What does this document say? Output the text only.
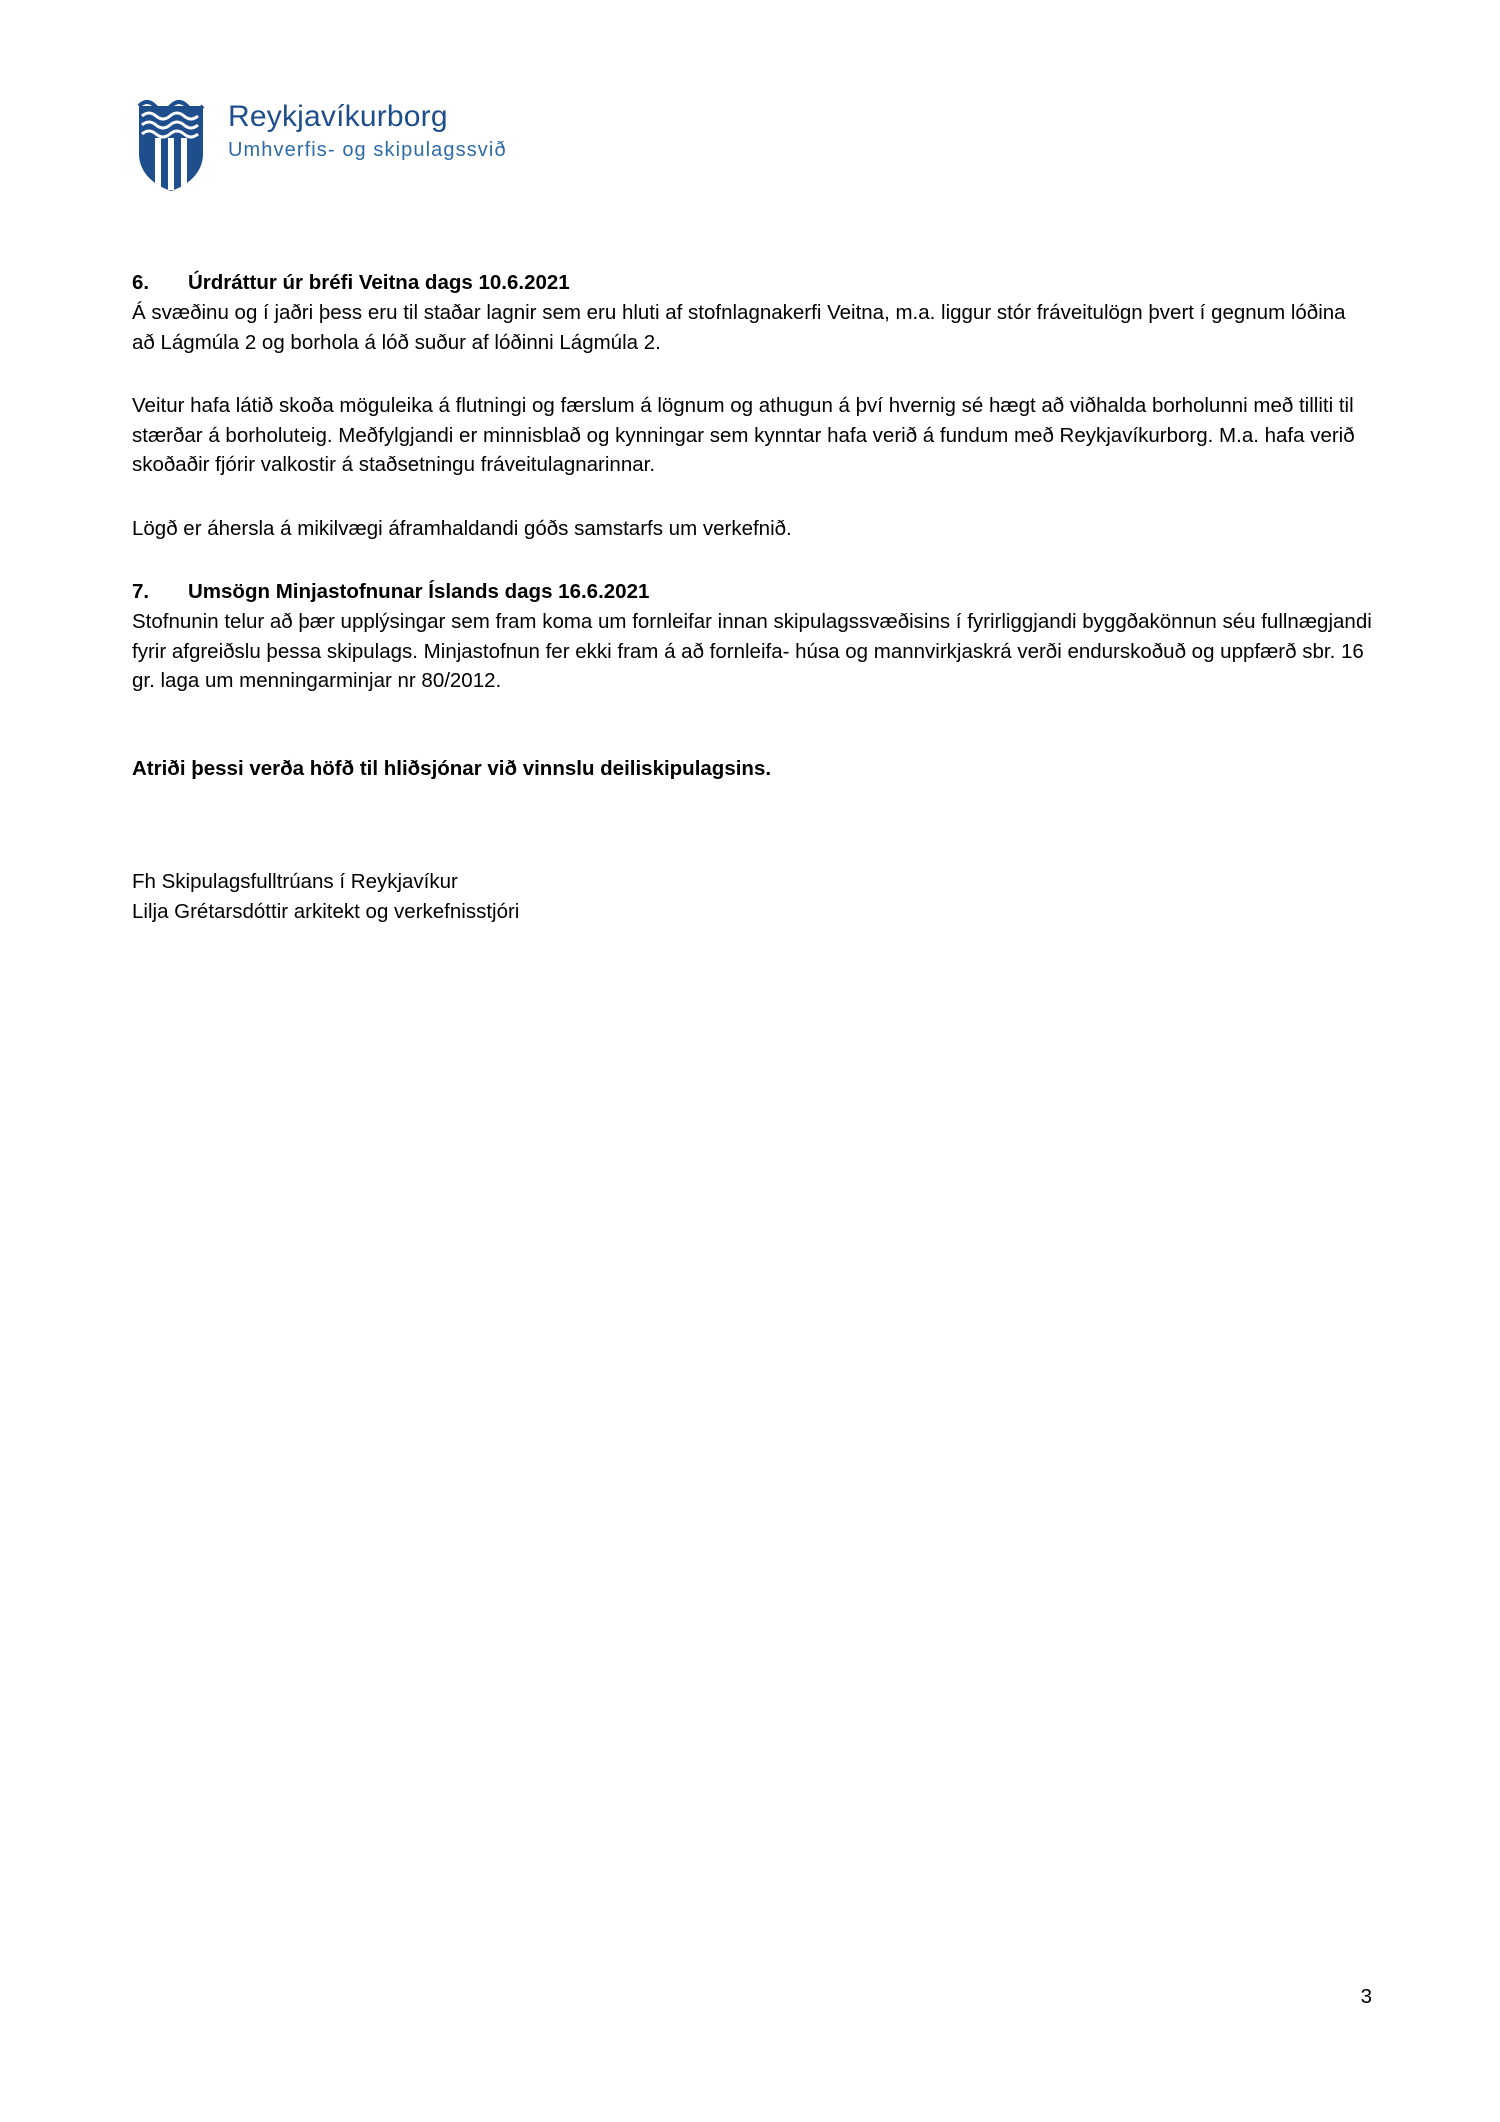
Reykjavíkurborg
Umhverfis- og skipulagssvið
6. Úrdráttur úr bréfi Veitna dags 10.6.2021

Á svæðinu og í jaðri þess eru til staðar lagnir sem eru hluti af stofnlagnakerfi Veitna, m.a. liggur stór fráveitulögn þvert í gegnum lóðina að Lágmúla 2 og borhola á lóð suður af lóðinni Lágmúla 2.

Veitur hafa látið skoða möguleika á flutningi og færslum á lögnum og athugun á því hvernig sé hægt að viðhalda borholunni með tilliti til stærðar á borholuteig. Meðfylgjandi er minnisblað og kynningar sem kynntar hafa verið á fundum með Reykjavíkurborg. M.a. hafa verið skoðaðir fjórir valkostir á staðsetningu fráveitulagnarinnar.

Lögð er áhersla á mikilvægi áframhaldandi góðs samstarfs um verkefnið.

7. Umsögn Minjastofnunar Íslands dags 16.6.2021

Stofnunin telur að þær upplýsingar sem fram koma um fornleifar innan skipulagssvæðisins í fyrirliggjandi byggðakönnun séu fullnægjandi fyrir afgreiðslu þessa skipulags. Minjastofnun fer ekki fram á að fornleifa- húsa og mannvirkjaskrá verði endurskoðuð og uppfærð sbr. 16 gr. laga um menningarminjar nr 80/2012.

Atriði þessi verða höfð til hliðsjónar við vinnslu deiliskipulagsins.

Fh Skipulagsfulltrúans í Reykjavíkur

Lilja Grétarsdóttir arkitekt og verkefnisstjóri

3
